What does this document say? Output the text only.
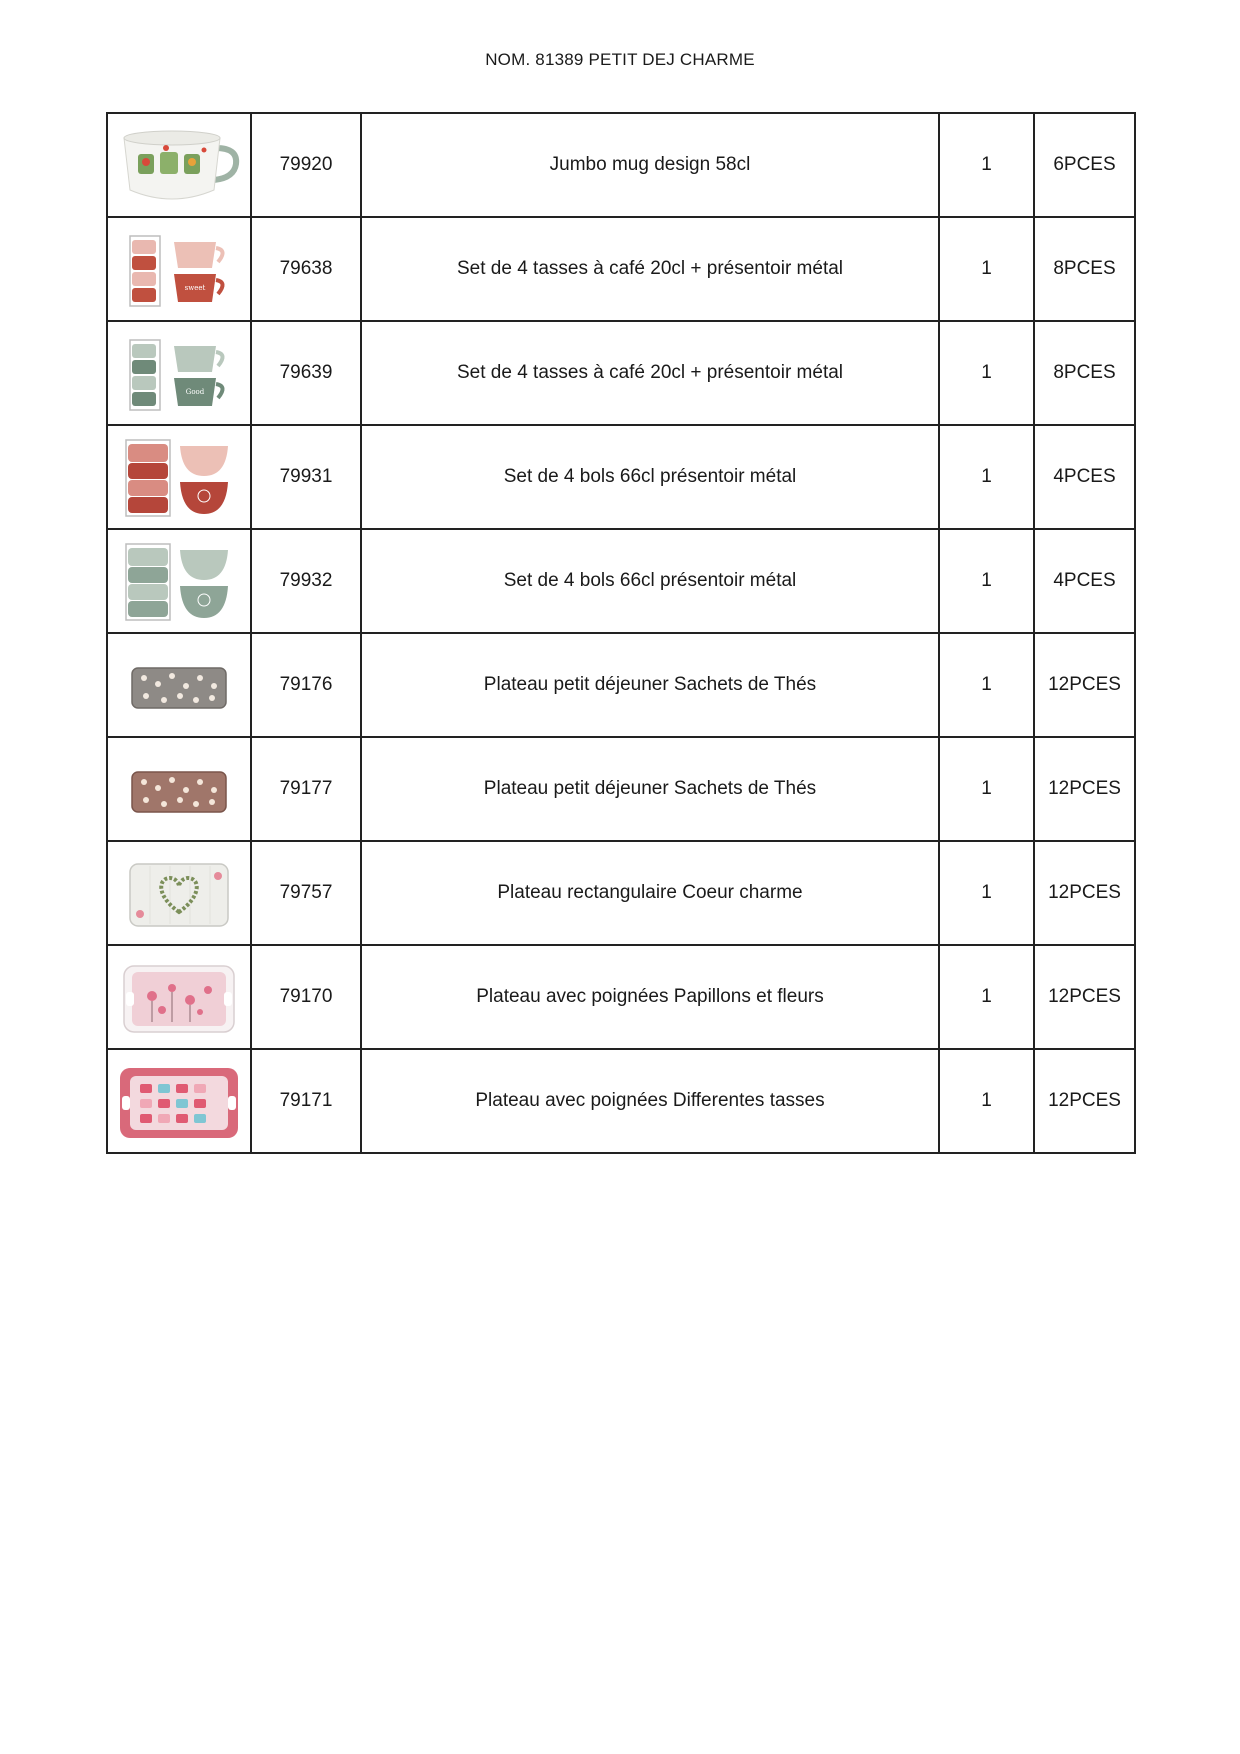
NOM. 81389 PETIT DEJ CHARME
	79920	Jumbo mug design 58cl	1	6PCES

sweet	79638	Set de 4 tasses à café 20cl + présentoir métal	1	8PCES

Good	79639	Set de 4 tasses à café 20cl + présentoir métal	1	8PCES

	79931	Set de 4 bols 66cl présentoir métal	1	4PCES

	79932	Set de 4 bols 66cl présentoir métal	1	4PCES

	79176	Plateau petit déjeuner Sachets de Thés	1	12PCES

	79177	Plateau petit déjeuner Sachets de Thés	1	12PCES

	79757	Plateau rectangulaire Coeur charme	1	12PCES

	79170	Plateau avec poignées Papillons et fleurs	1	12PCES

	79171	Plateau avec poignées Differentes tasses	1	12PCES
